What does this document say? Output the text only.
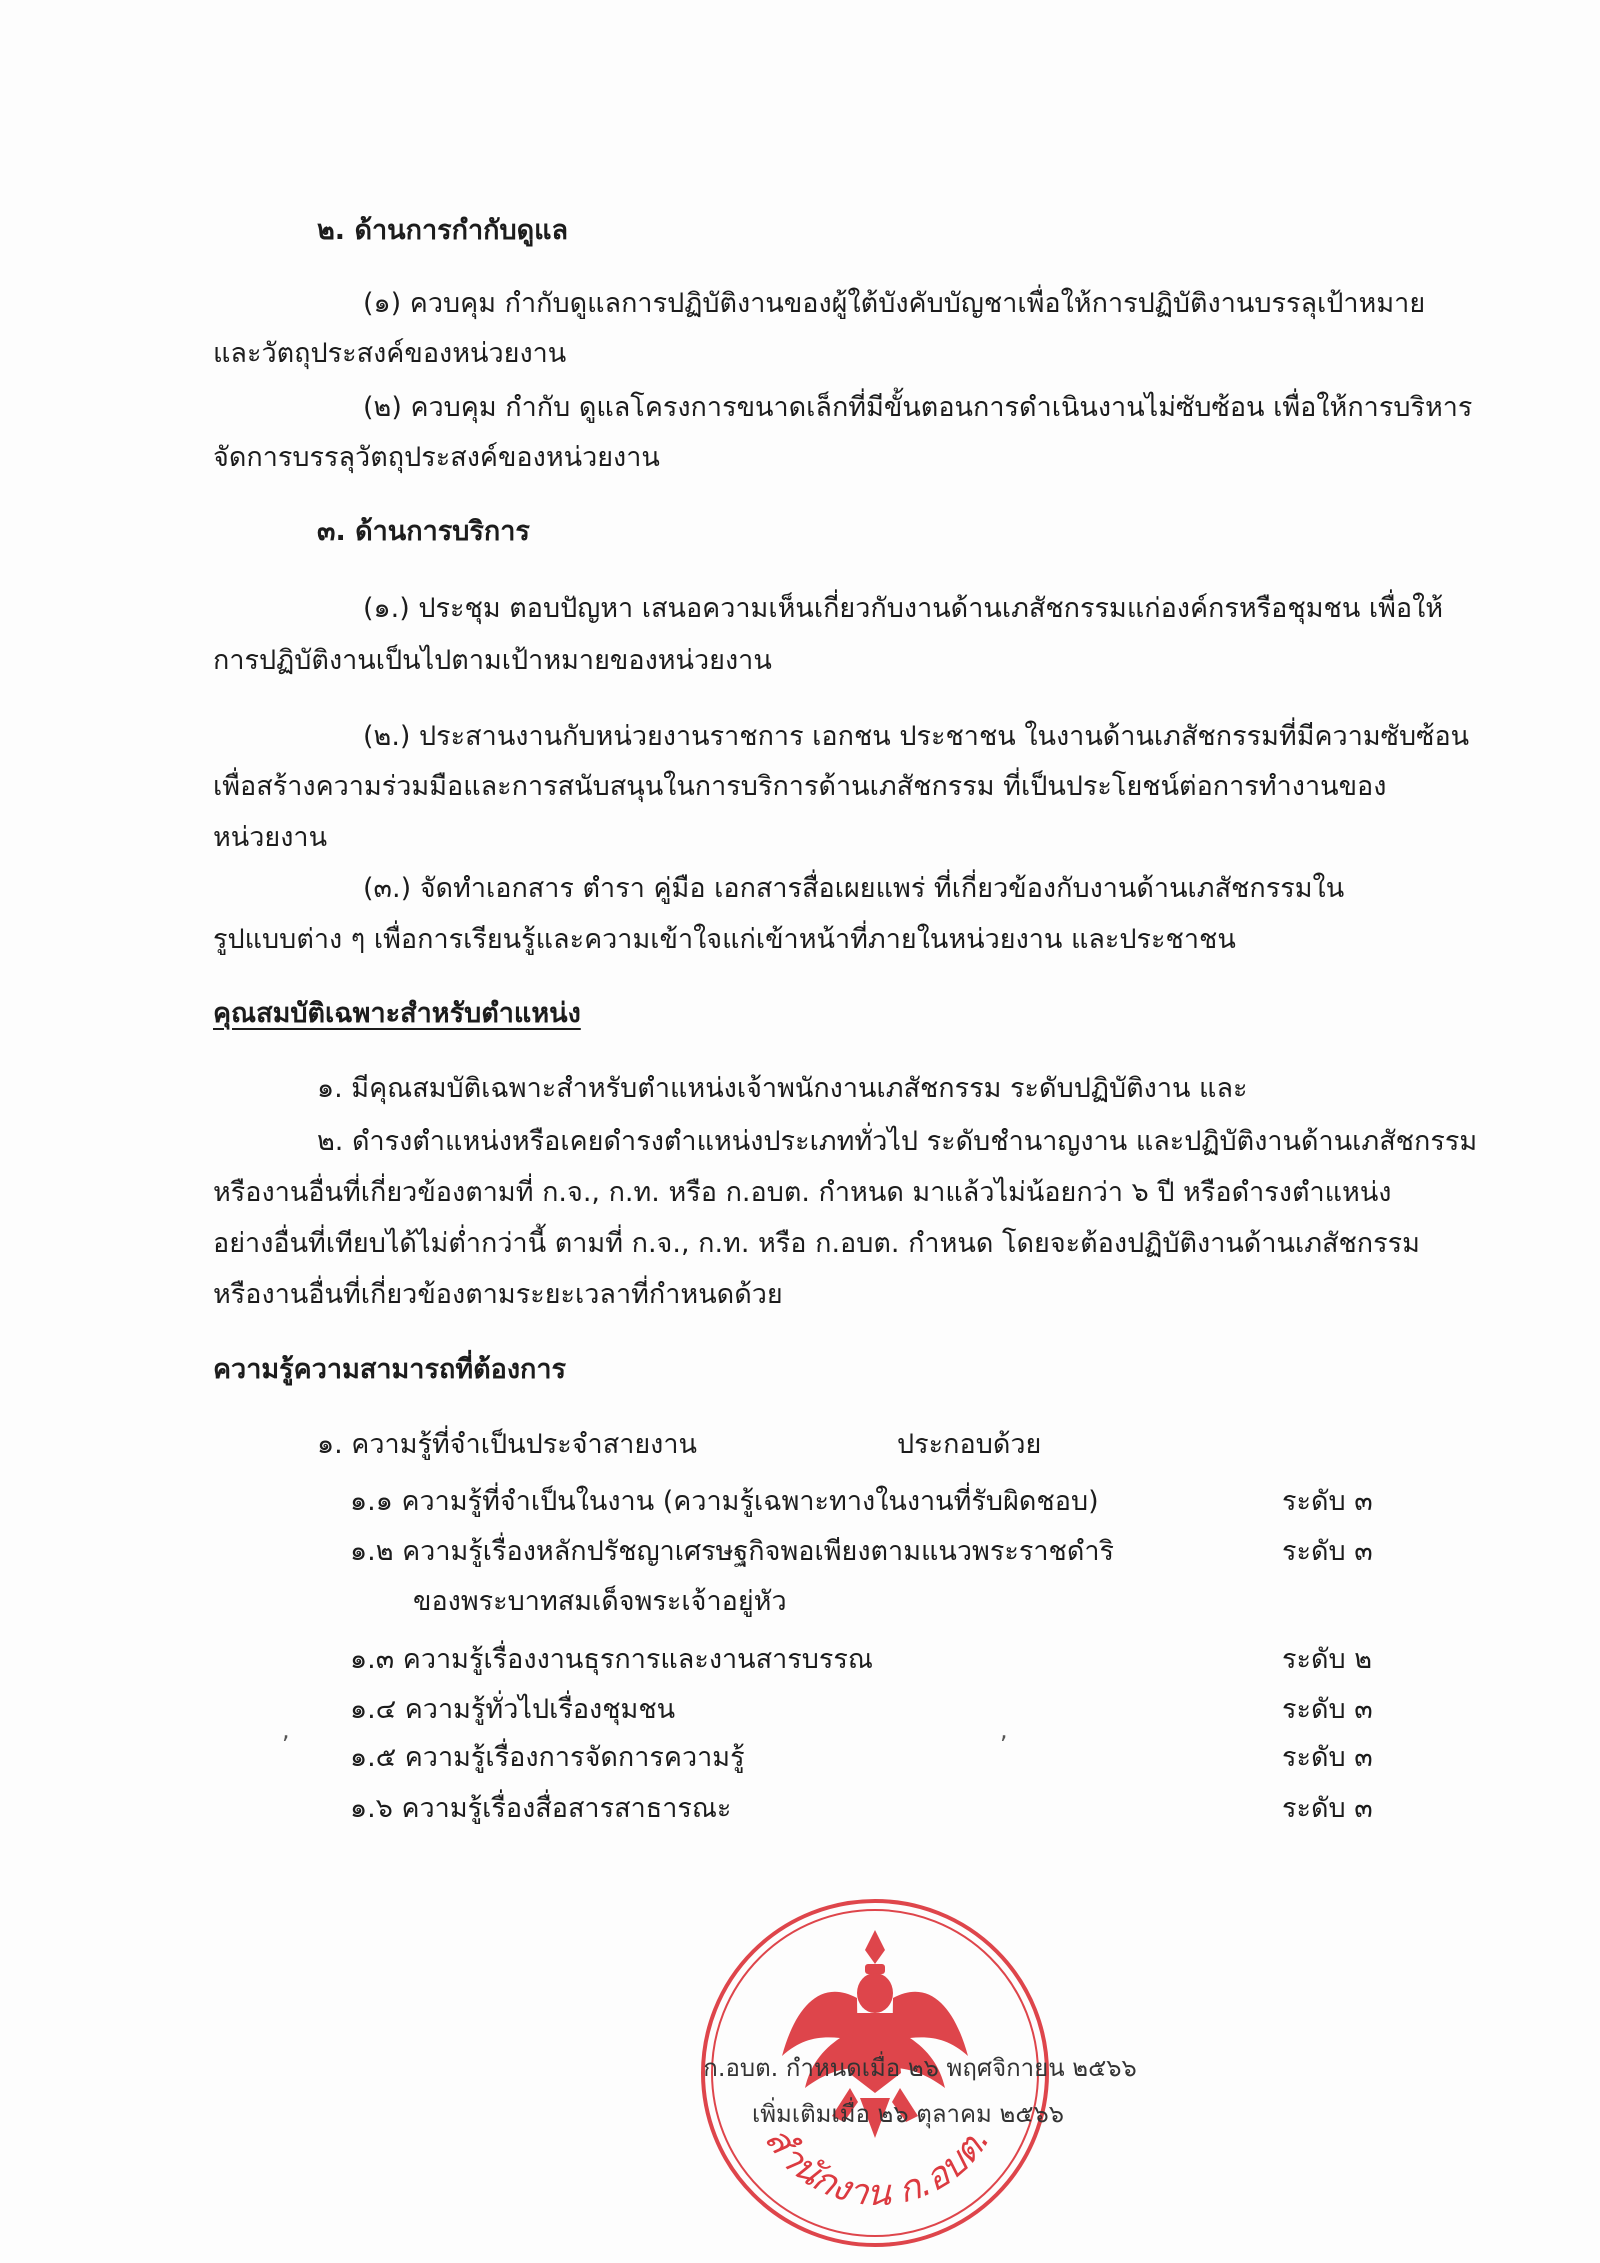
๒. ด้านการกำกับดูแล
(๑) ควบคุม กำกับดูแลการปฏิบัติงานของผู้ใต้บังคับบัญชาเพื่อให้การปฏิบัติงานบรรลุเป้าหมาย
และวัตถุประสงค์ของหน่วยงาน
(๒) ควบคุม กำกับ ดูแลโครงการขนาดเล็กที่มีขั้นตอนการดำเนินงานไม่ซับซ้อน เพื่อให้การบริหาร
จัดการบรรลุวัตถุประสงค์ของหน่วยงาน
๓. ด้านการบริการ
(๑.) ประชุม ตอบปัญหา เสนอความเห็นเกี่ยวกับงานด้านเภสัชกรรมแก่องค์กรหรือชุมชน เพื่อให้
การปฏิบัติงานเป็นไปตามเป้าหมายของหน่วยงาน
(๒.) ประสานงานกับหน่วยงานราชการ เอกชน ประชาชน ในงานด้านเภสัชกรรมที่มีความซับซ้อน
เพื่อสร้างความร่วมมือและการสนับสนุนในการบริการด้านเภสัชกรรม ที่เป็นประโยชน์ต่อการทำงานของ
หน่วยงาน
(๓.) จัดทำเอกสาร ตำรา คู่มือ เอกสารสื่อเผยแพร่ ที่เกี่ยวข้องกับงานด้านเภสัชกรรมใน
รูปแบบต่าง ๆ เพื่อการเรียนรู้และความเข้าใจแก่เข้าหน้าที่ภายในหน่วยงาน และประชาชน
คุณสมบัติเฉพาะสำหรับตำแหน่ง
๑. มีคุณสมบัติเฉพาะสำหรับตำแหน่งเจ้าพนักงานเภสัชกรรม ระดับปฏิบัติงาน และ
๒. ดำรงตำแหน่งหรือเคยดำรงตำแหน่งประเภททั่วไป ระดับชำนาญงาน และปฏิบัติงานด้านเภสัชกรรม
หรืองานอื่นที่เกี่ยวข้องตามที่ ก.จ., ก.ท. หรือ ก.อบต. กำหนด มาแล้วไม่น้อยกว่า ๖ ปี หรือดำรงตำแหน่ง
อย่างอื่นที่เทียบได้ไม่ต่ำกว่านี้ ตามที่ ก.จ., ก.ท. หรือ ก.อบต. กำหนด โดยจะต้องปฏิบัติงานด้านเภสัชกรรม
หรืองานอื่นที่เกี่ยวข้องตามระยะเวลาที่กำหนดด้วย
ความรู้ความสามารถที่ต้องการ
๑. ความรู้ที่จำเป็นประจำสายงาน	ประกอบด้วย
๑.๑ ความรู้ที่จำเป็นในงาน (ความรู้เฉพาะทางในงานที่รับผิดชอบ)	ระดับ ๓
๑.๒ ความรู้เรื่องหลักปรัชญาเศรษฐกิจพอเพียงตามแนวพระราชดำริ	ระดับ ๓
ของพระบาทสมเด็จพระเจ้าอยู่หัว
๑.๓ ความรู้เรื่องงานธุรการและงานสารบรรณ	ระดับ ๒
๑.๔ ความรู้ทั่วไปเรื่องชุมชน	ระดับ ๓
๑.๕ ความรู้เรื่องการจัดการความรู้	ระดับ ๓
๑.๖ ความรู้เรื่องสื่อสารสาธารณะ	ระดับ ๓
,	,
สำนักงาน ก.อบต.
ก.อบต. กำหนดเมื่อ ๒๖ พฤศจิกายน ๒๕๖๖
เพิ่มเติมเมื่อ ๒๖ ตุลาคม ๒๕๖๖
